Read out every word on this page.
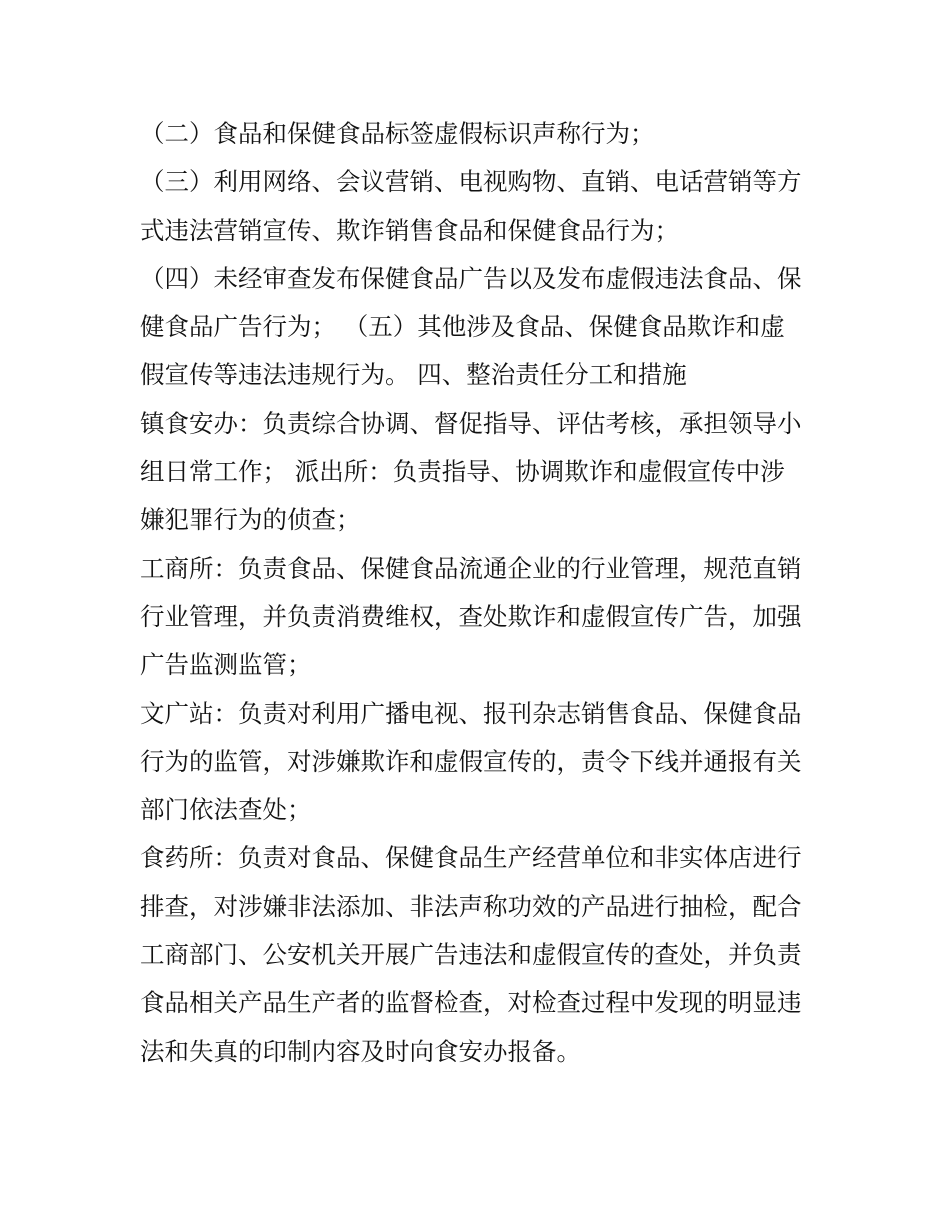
（二）食品和保健食品标签虚假标识声称行为；
（三）利用网络、会议营销、电视购物、直销、电话营销等方
式违法营销宣传、欺诈销售食品和保健食品行为；
（四）未经审查发布保健食品广告以及发布虚假违法食品、保
健食品广告行为； （五）其他涉及食品、保健食品欺诈和虚
假宣传等违法违规行为。 四、整治责任分工和措施
镇食安办：负责综合协调、督促指导、评估考核，承担领导小
组日常工作； 派出所：负责指导、协调欺诈和虚假宣传中涉
嫌犯罪行为的侦查；
工商所：负责食品、保健食品流通企业的行业管理，规范直销
行业管理，并负责消费维权，查处欺诈和虚假宣传广告，加强
广告监测监管；
文广站：负责对利用广播电视、报刊杂志销售食品、保健食品
行为的监管，对涉嫌欺诈和虚假宣传的，责令下线并通报有关
部门依法查处；
食药所：负责对食品、保健食品生产经营单位和非实体店进行
排查，对涉嫌非法添加、非法声称功效的产品进行抽检，配合
工商部门、公安机关开展广告违法和虚假宣传的查处，并负责
食品相关产品生产者的监督检查，对检查过程中发现的明显违
法和失真的印制内容及时向食安办报备。
